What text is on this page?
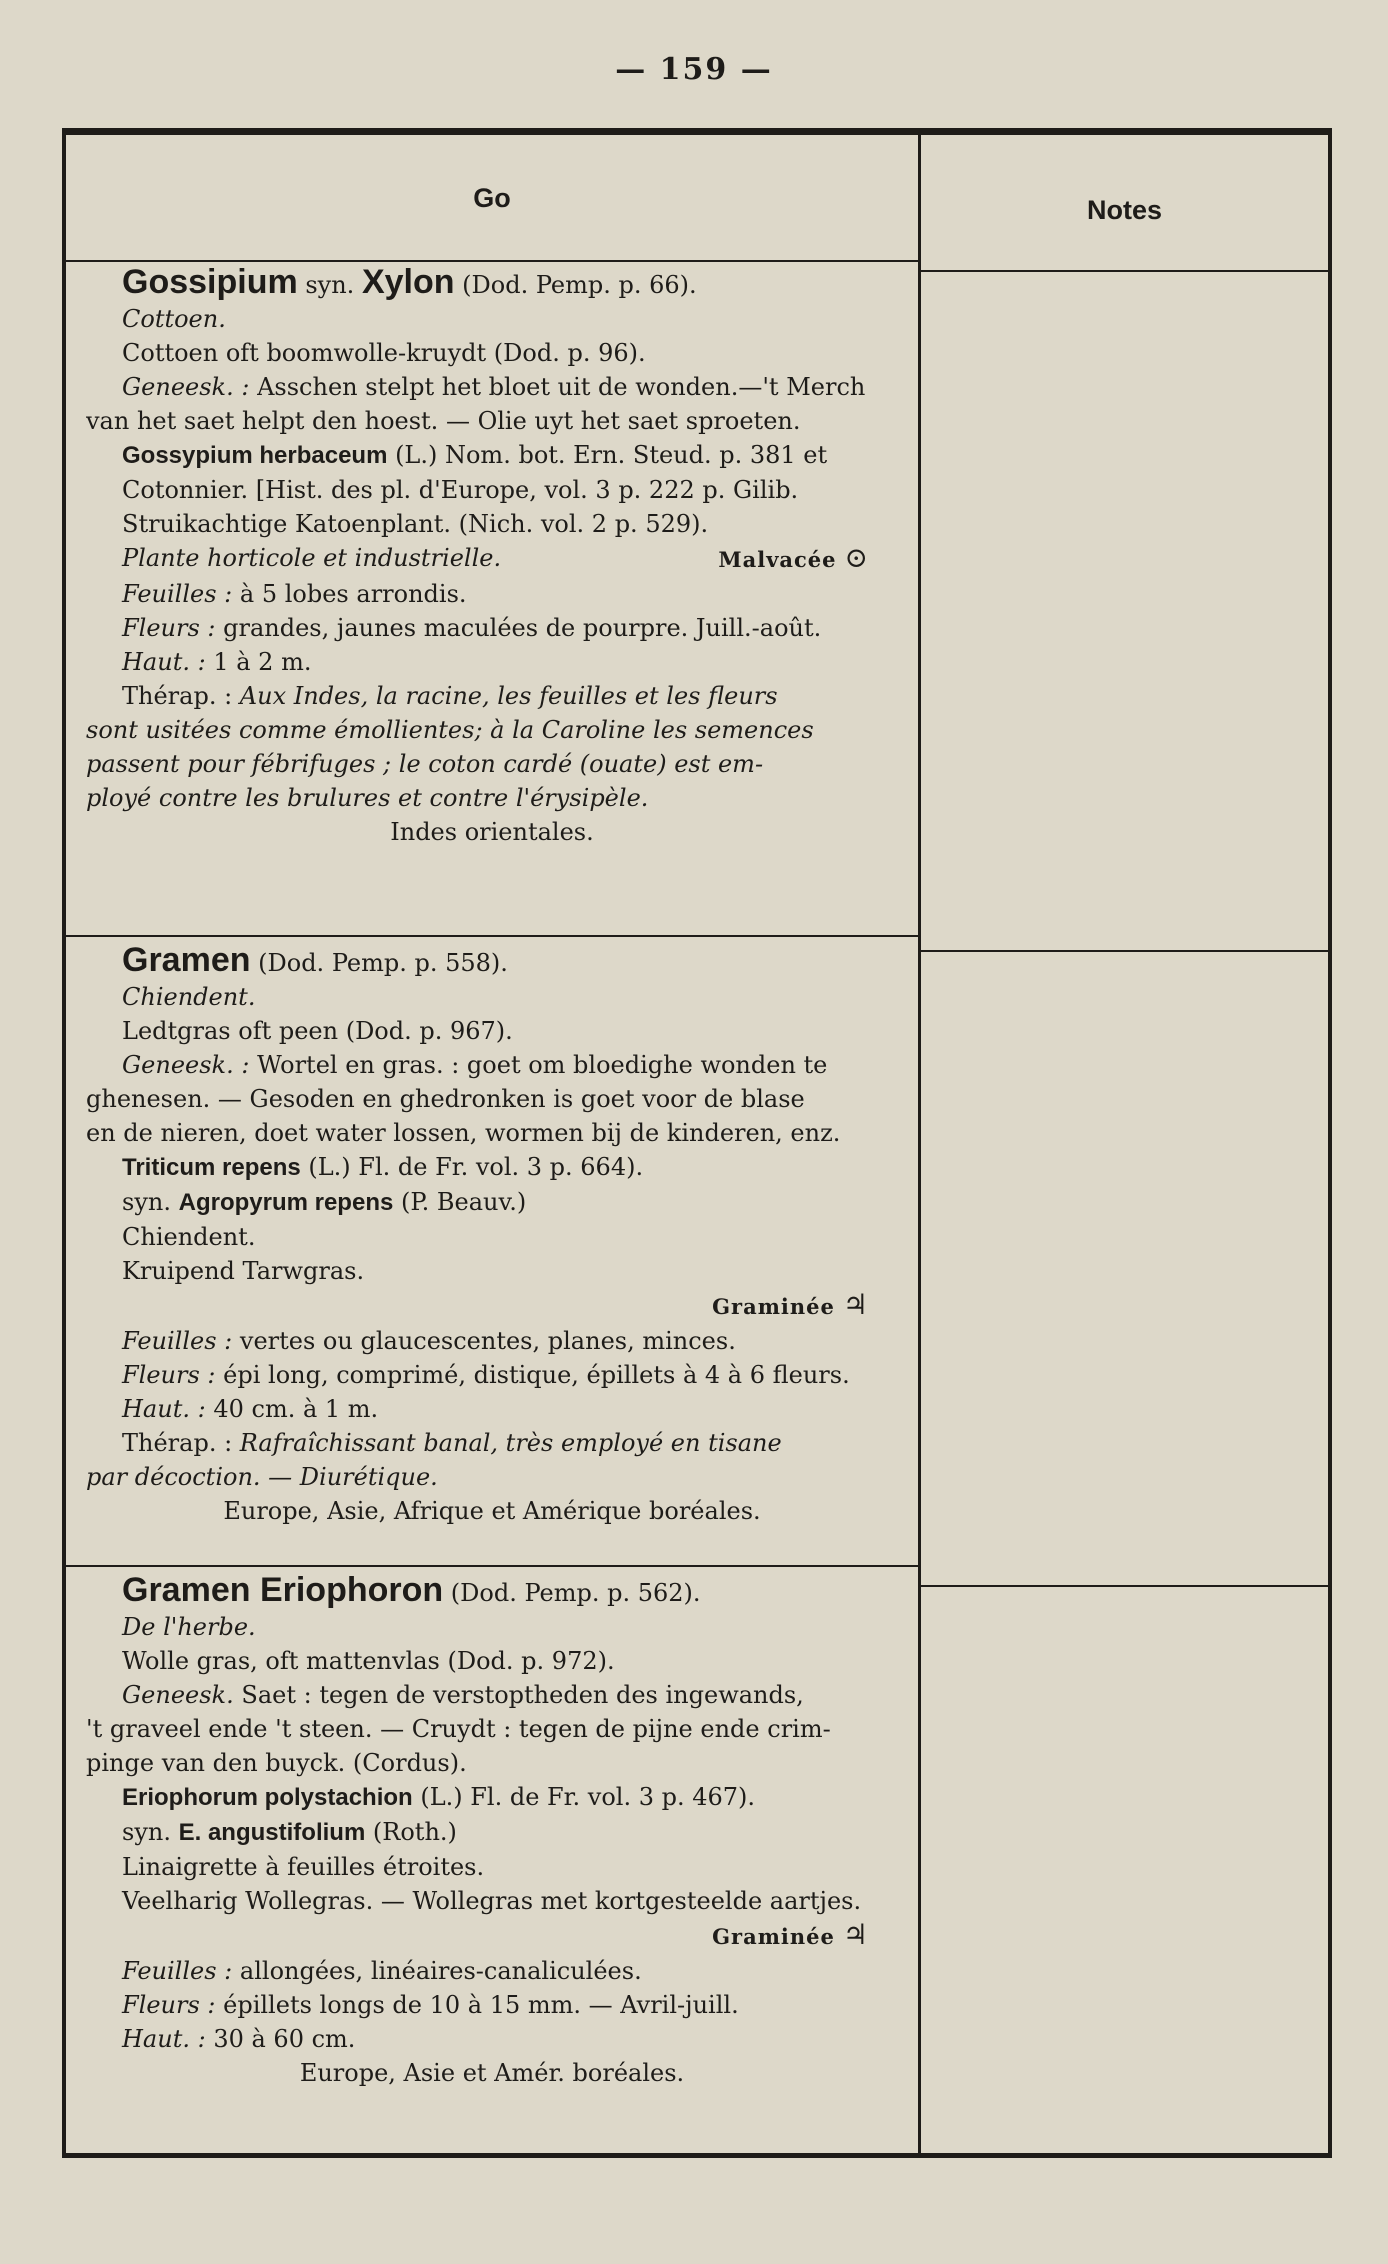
— 159 —
Go	Notes
Gossipium syn. Xylon (Dod. Pemp. p. 66).
Cottoen.
Cottoen oft boomwolle-kruydt (Dod. p. 96).
Geneesk. : Asschen stelpt het bloet uit de wonden.—'t Merch
van het saet helpt den hoest. — Olie uyt het saet sproeten.
Gossypium herbaceum (L.) Nom. bot. Ern. Steud. p. 381 et
Cotonnier. [Hist. des pl. d'Europe, vol. 3 p. 222 p. Gilib.
Struikachtige Katoenplant. (Nich. vol. 2 p. 529).
Plante horticole et industrielle.	Malvacée ⊙
Feuilles : à 5 lobes arrondis.
Fleurs : grandes, jaunes maculées de pourpre. Juill.-août.
Haut. : 1 à 2 m.
Thérap. : Aux Indes, la racine, les feuilles et les fleurs
sont usitées comme émollientes; à la Caroline les semences
passent pour fébrifuges ; le coton cardé (ouate) est em-
ployé contre les brulures et contre l'érysipèle.
Indes orientales.
Gramen (Dod. Pemp. p. 558).
Chiendent.
Ledtgras oft peen (Dod. p. 967).
Geneesk. : Wortel en gras. : goet om bloedighe wonden te
ghenesen. — Gesoden en ghedronken is goet voor de blase
en de nieren, doet water lossen, wormen bij de kinderen, enz.
Triticum repens (L.) Fl. de Fr. vol. 3 p. 664).
syn. Agropyrum repens (P. Beauv.)
Chiendent.
Kruipend Tarwgras.
Graminée ♃
Feuilles : vertes ou glaucescentes, planes, minces.
Fleurs : épi long, comprimé, distique, épillets à 4 à 6 fleurs.
Haut. : 40 cm. à 1 m.
Thérap. : Rafraîchissant banal, très employé en tisane
par décoction. — Diurétique.
Europe, Asie, Afrique et Amérique boréales.
Gramen Eriophoron (Dod. Pemp. p. 562).
De l'herbe.
Wolle gras, oft mattenvlas (Dod. p. 972).
Geneesk. Saet : tegen de verstoptheden des ingewands,
't graveel ende 't steen. — Cruydt : tegen de pijne ende crim-
pinge van den buyck. (Cordus).
Eriophorum polystachion (L.) Fl. de Fr. vol. 3 p. 467).
syn. E. angustifolium (Roth.)
Linaigrette à feuilles étroites.
Veelharig Wollegras. — Wollegras met kortgesteelde aartjes.
Graminée ♃
Feuilles : allongées, linéaires-canaliculées.
Fleurs : épillets longs de 10 à 15 mm. — Avril-juill.
Haut. : 30 à 60 cm.
Europe, Asie et Amér. boréales.
